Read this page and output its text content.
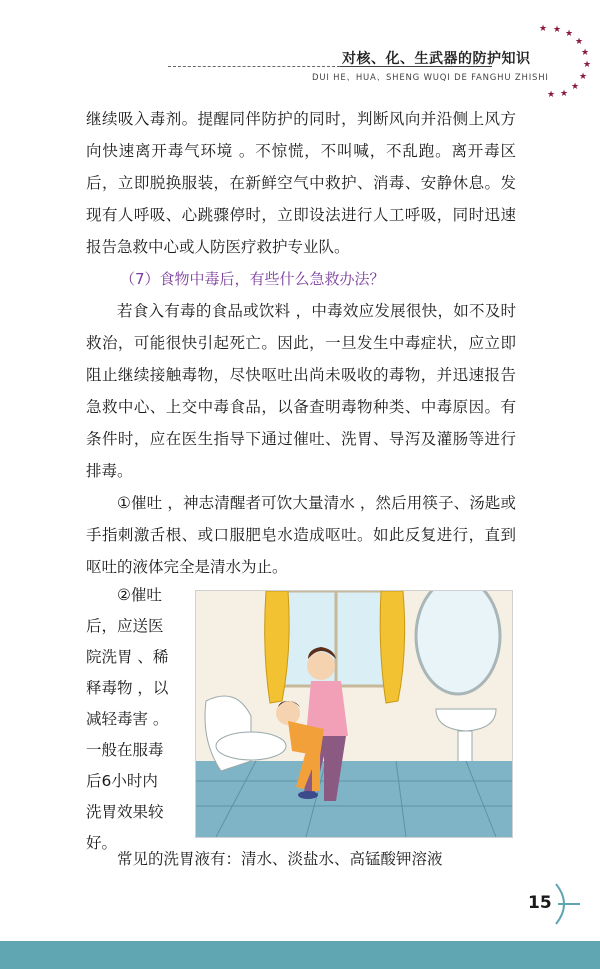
对核、化、生武器的防护知识
DUI HE、HUA、SHENG WUQI DE FANGHU ZHISHI
★ ★ ★
★
★
★
★
★
★
★

继续吸入毒剂。提醒同伴防护的同时，判断风向并沿侧上风方向快速离开毒气环境 。不惊慌，不叫喊，不乱跑。离开毒区后，立即脱换服装，在新鲜空气中救护、消毒、安静休息。发现有人呼吸、心跳骤停时，立即设法进行人工呼吸，同时迅速报告急救中心或人防医疗救护专业队。

（7）食物中毒后，有些什么急救办法？

若食入有毒的食品或饮料 ，中毒效应发展很快，如不及时救治，可能很快引起死亡。因此，一旦发生中毒症状，应立即阻止继续接触毒物，尽快呕吐出尚未吸收的毒物，并迅速报告急救中心、上交中毒食品，以备查明毒物种类、中毒原因。有条件时，应在医生指导下通过催吐、洗胃、导泻及灌肠等进行排毒。

①催吐 ，神志清醒者可饮大量清水 ，然后用筷子、汤匙或手指刺激舌根、或口服肥皂水造成呕吐。如此反复进行，直到呕吐的液体完全是清水为止。

②催吐
后，应送医
院洗胃 、稀
释毒物 ，以
减轻毒害 。
一般在服毒
后6小时内
洗胃效果较
好。
常见的洗胃液有：清水、淡盐水、高锰酸钾溶液
15
